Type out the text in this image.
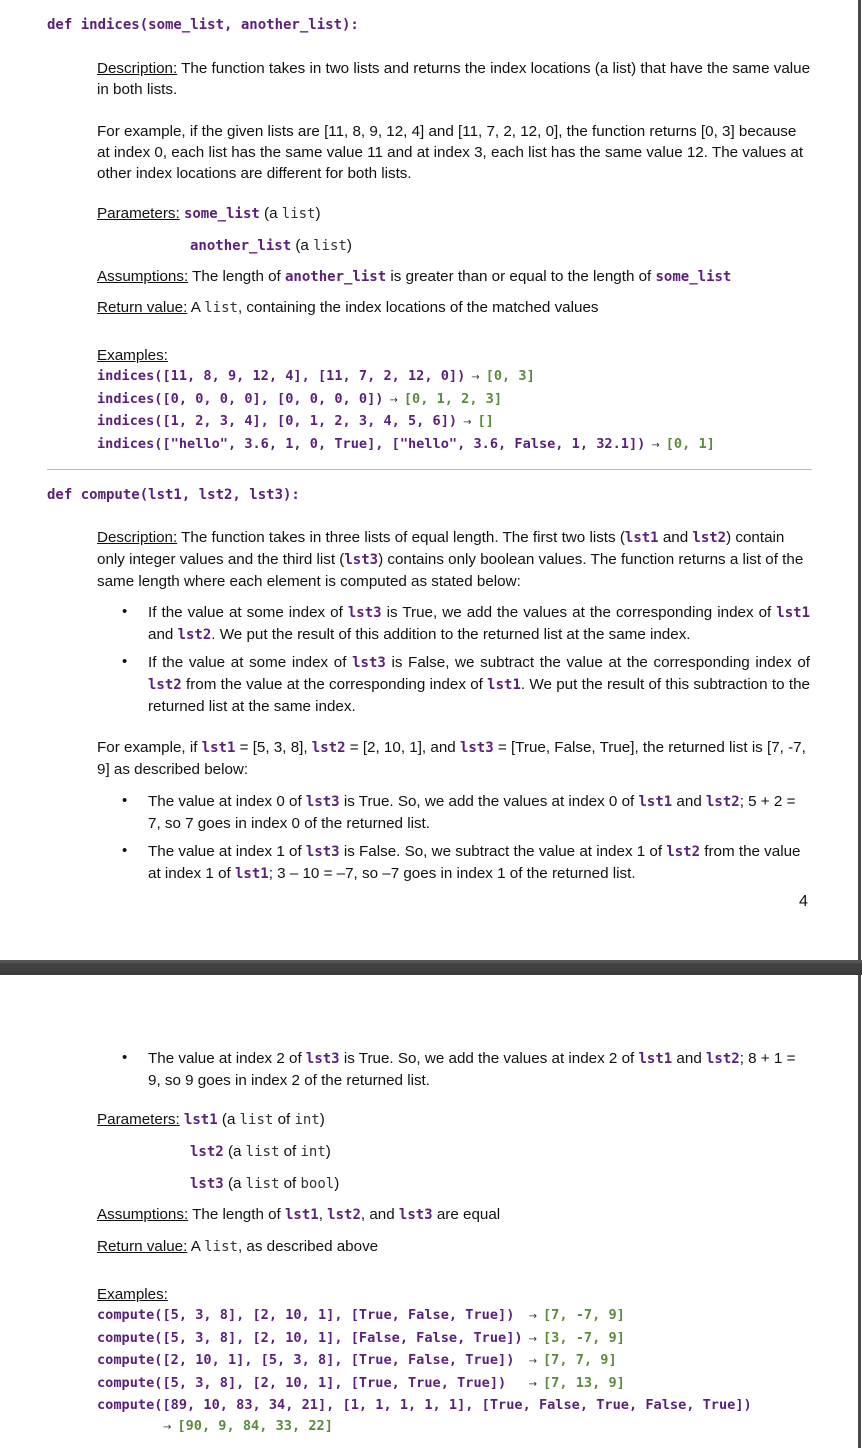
def indices(some_list, another_list):
Description: The function takes in two lists and returns the index locations (a list) that have the same value in both lists.
For example, if the given lists are [11, 8, 9, 12, 4] and [11, 7, 2, 12, 0], the function returns [0, 3] because at index 0, each list has the same value 11 and at index 3, each list has the same value 12. The values at other index locations are different for both lists.
Parameters: some_list (a list)
another_list (a list)
Assumptions: The length of another_list is greater than or equal to the length of some_list
Return value: A list, containing the index locations of the matched values
Examples:
indices([11, 8, 9, 12, 4], [11, 7, 2, 12, 0]) → [0, 3]
indices([0, 0, 0, 0], [0, 0, 0, 0]) → [0, 1, 2, 3]
indices([1, 2, 3, 4], [0, 1, 2, 3, 4, 5, 6]) → []
indices(["hello", 3.6, 1, 0, True], ["hello", 3.6, False, 1, 32.1]) → [0, 1]
def compute(lst1, lst2, lst3):
Description: The function takes in three lists of equal length. The first two lists (lst1 and lst2) contain only integer values and the third list (lst3) contains only boolean values. The function returns a list of the same length where each element is computed as stated below:
• If the value at some index of lst3 is True, we add the values at the corresponding index of lst1 and lst2. We put the result of this addition to the returned list at the same index.
• If the value at some index of lst3 is False, we subtract the value at the corresponding index of lst2 from the value at the corresponding index of lst1. We put the result of this subtraction to the returned list at the same index.
For example, if lst1 = [5, 3, 8], lst2 = [2, 10, 1], and lst3 = [True, False, True], the returned list is [7, -7, 9] as described below:
• The value at index 0 of lst3 is True. So, we add the values at index 0 of lst1 and lst2; 5 + 2 = 7, so 7 goes in index 0 of the returned list.
• The value at index 1 of lst3 is False. So, we subtract the value at index 1 of lst2 from the value at index 1 of lst1; 3 – 10 = –7, so –7 goes in index 1 of the returned list.
4
• The value at index 2 of lst3 is True. So, we add the values at index 2 of lst1 and lst2; 8 + 1 = 9, so 9 goes in index 2 of the returned list.
Parameters: lst1 (a list of int)
lst2 (a list of int)
lst3 (a list of bool)
Assumptions: The length of lst1, lst2, and lst3 are equal
Return value: A list, as described above
Examples:
compute([5, 3, 8], [2, 10, 1], [True, False, True]) → [7, -7, 9]
compute([5, 3, 8], [2, 10, 1], [False, False, True]) → [3, -7, 9]
compute([2, 10, 1], [5, 3, 8], [True, False, True]) → [7, 7, 9]
compute([5, 3, 8], [2, 10, 1], [True, True, True])  → [7, 13, 9]
compute([89, 10, 83, 34, 21], [1, 1, 1, 1, 1], [True, False, True, False, True])
→ [90, 9, 84, 33, 22]
